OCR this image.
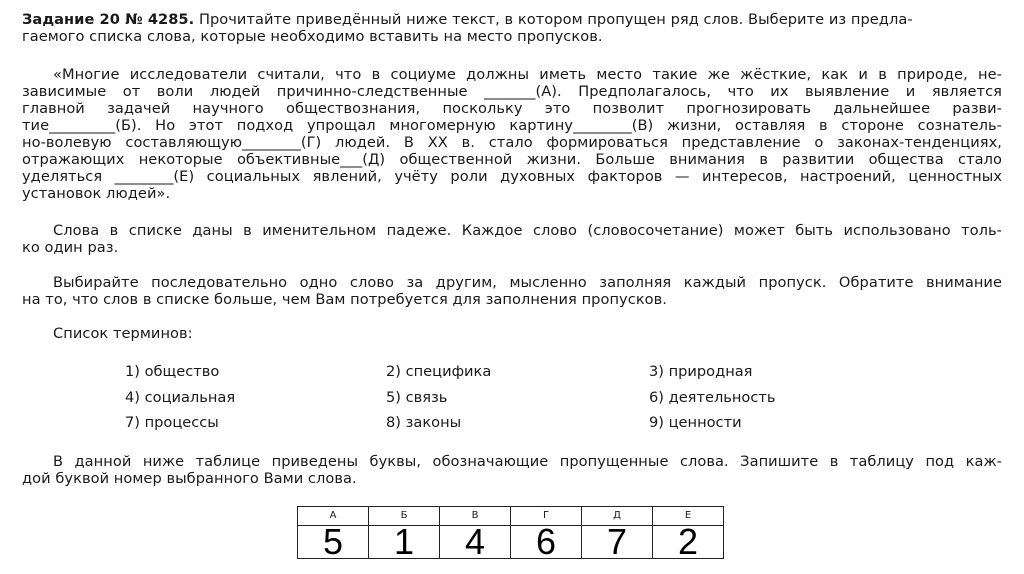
Задание 20 № 4285. Прочитайте приведённый ниже текст, в котором пропущен ряд слов. Выберите из предла-
гаемого списка слова, которые необходимо вставить на место пропусков.
«Многие исследователи считали, что в социуме должны иметь место такие же жёсткие, как и в природе, не-
зависимые от воли людей причинно-следственные _______(А). Предполагалось, что их выявление и является
главной задачей научного обществознания, поскольку это позволит прогнозировать дальнейшее разви-
тие_________(Б). Но этот подход упрощал многомерную картину________(В) жизни, оставляя в стороне сознатель-
но-волевую составляющую________(Г) людей. В XX в. стало формироваться представление о законах-тенденциях,
отражающих некоторые объективные___(Д) общественной жизни. Больше внимания в развитии общества стало
уделяться ________(Е) социальных явлений, учёту роли духовных факторов — интересов, настроений, ценностных
установок людей».
Слова в списке даны в именительном падеже. Каждое слово (словосочетание) может быть использовано толь-
ко один раз.
Выбирайте последовательно одно слово за другим, мысленно заполняя каждый пропуск. Обратите внимание
на то, что слов в списке больше, чем Вам потребуется для заполнения пропусков.
Список терминов:
1) общество	2) специфика	3) природная
4) социальная	5) связь	6) деятельность
7) процессы	8) законы	9) ценности
В данной ниже таблице приведены буквы, обозначающие пропущенные слова. Запишите в таблицу под каж-
дой буквой номер выбранного Вами слова.
А	Б	В	Г	Д	Е
5	1	4	6	7	2
